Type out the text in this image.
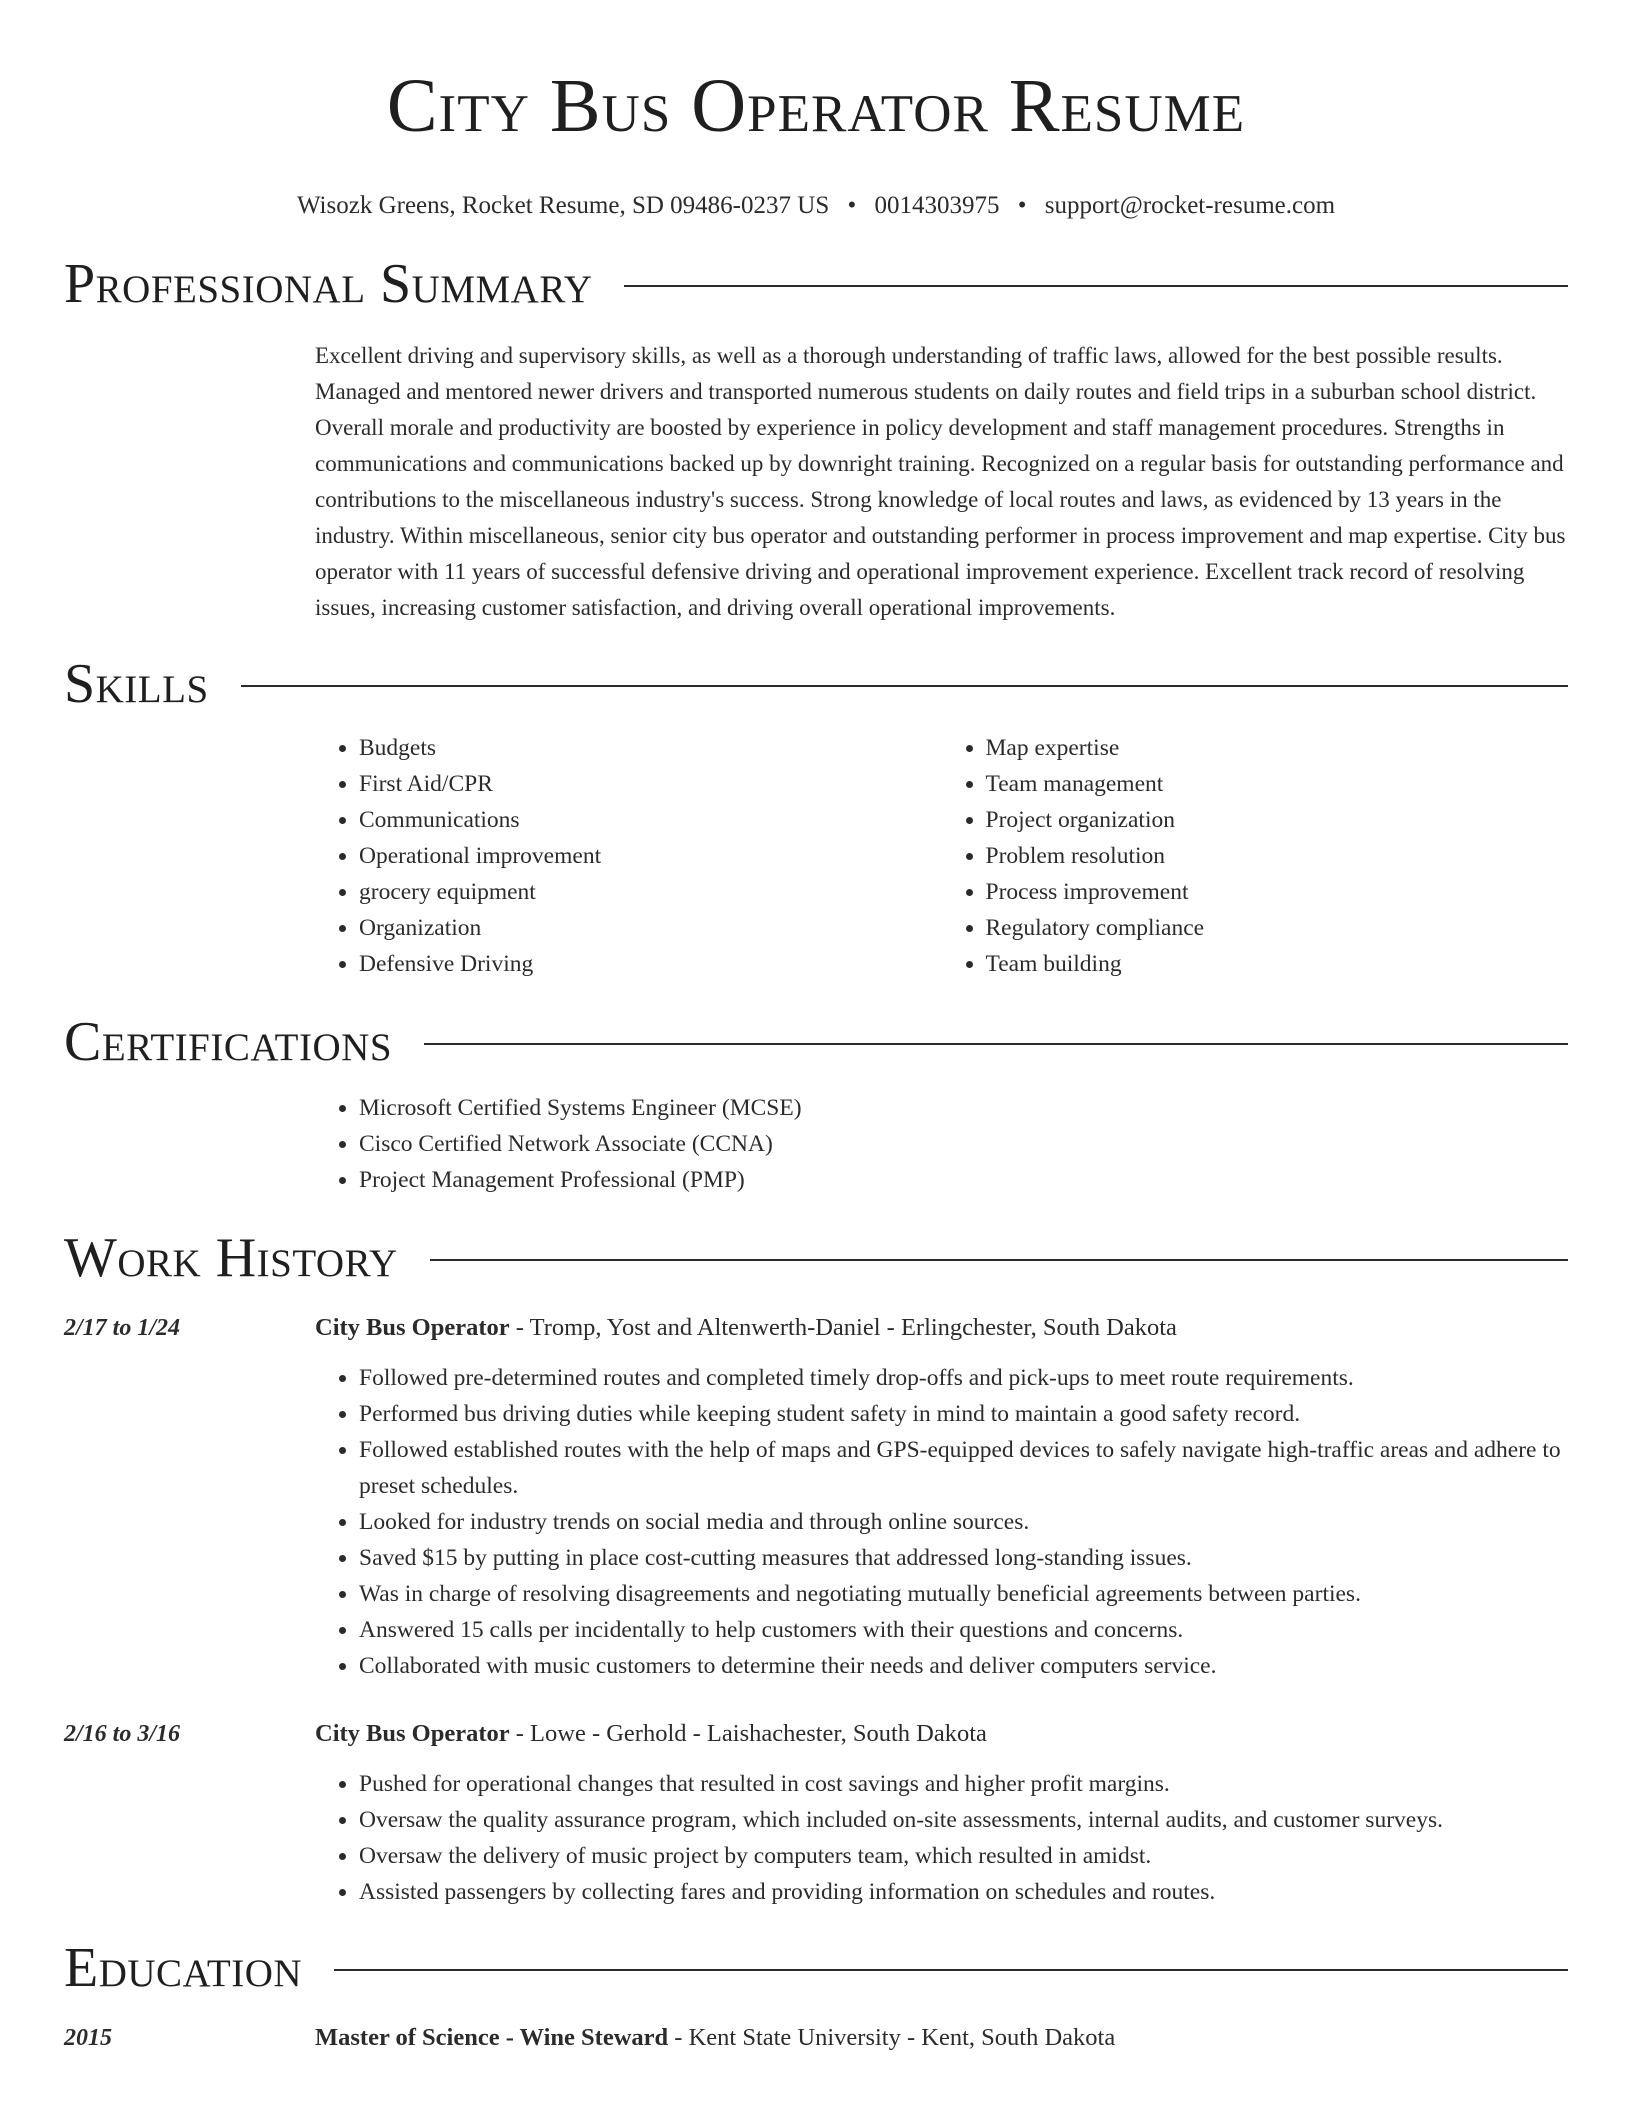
City Bus Operator Resume
Wisozk Greens, Rocket Resume, SD 09486-0237 US • 0014303975 • support@rocket-resume.com
Professional Summary
Excellent driving and supervisory skills, as well as a thorough understanding of traffic laws, allowed for the best possible results. Managed and mentored newer drivers and transported numerous students on daily routes and field trips in a suburban school district. Overall morale and productivity are boosted by experience in policy development and staff management procedures. Strengths in communications and communications backed up by downright training. Recognized on a regular basis for outstanding performance and contributions to the miscellaneous industry's success. Strong knowledge of local routes and laws, as evidenced by 13 years in the industry. Within miscellaneous, senior city bus operator and outstanding performer in process improvement and map expertise. City bus operator with 11 years of successful defensive driving and operational improvement experience. Excellent track record of resolving issues, increasing customer satisfaction, and driving overall operational improvements.
Skills
• Budgets
• First Aid/CPR
• Communications
• Operational improvement
• grocery equipment
• Organization
• Defensive Driving
• Map expertise
• Team management
• Project organization
• Problem resolution
• Process improvement
• Regulatory compliance
• Team building
Certifications
• Microsoft Certified Systems Engineer (MCSE)
• Cisco Certified Network Associate (CCNA)
• Project Management Professional (PMP)
Work History
2/17 to 1/24	City Bus Operator - Tromp, Yost and Altenwerth-Daniel - Erlingchester, South Dakota
• Followed pre-determined routes and completed timely drop-offs and pick-ups to meet route requirements.
• Performed bus driving duties while keeping student safety in mind to maintain a good safety record.
• Followed established routes with the help of maps and GPS-equipped devices to safely navigate high-traffic areas and adhere to preset schedules.
• Looked for industry trends on social media and through online sources.
• Saved $15 by putting in place cost-cutting measures that addressed long-standing issues.
• Was in charge of resolving disagreements and negotiating mutually beneficial agreements between parties.
• Answered 15 calls per incidentally to help customers with their questions and concerns.
• Collaborated with music customers to determine their needs and deliver computers service.
2/16 to 3/16	City Bus Operator - Lowe - Gerhold - Laishachester, South Dakota
• Pushed for operational changes that resulted in cost savings and higher profit margins.
• Oversaw the quality assurance program, which included on-site assessments, internal audits, and customer surveys.
• Oversaw the delivery of music project by computers team, which resulted in amidst.
• Assisted passengers by collecting fares and providing information on schedules and routes.
Education
2015	Master of Science - Wine Steward - Kent State University - Kent, South Dakota
